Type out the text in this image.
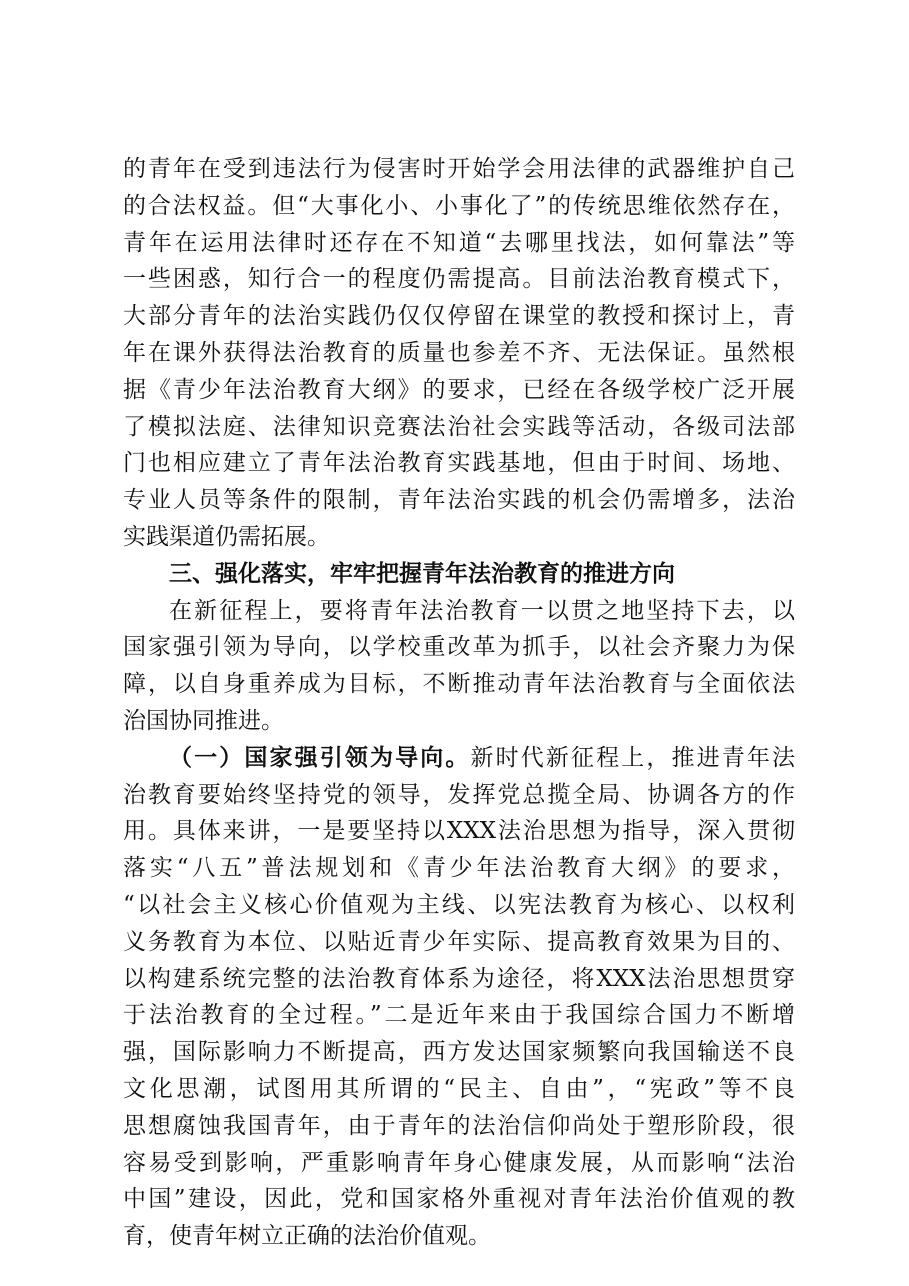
的青年在受到违法行为侵害时开始学会用法律的武器维护自己
的合法权益。但“大事化小、小事化了”的传统思维依然存在，
青年在运用法律时还存在不知道“去哪里找法，如何靠法”等
一些困惑，知行合一的程度仍需提高。目前法治教育模式下，
大部分青年的法治实践仍仅仅停留在课堂的教授和探讨上，青
年在课外获得法治教育的质量也参差不齐、无法保证。虽然根
据《青少年法治教育大纲》的要求，已经在各级学校广泛开展
了模拟法庭、法律知识竞赛法治社会实践等活动，各级司法部
门也相应建立了青年法治教育实践基地，但由于时间、场地、
专业人员等条件的限制，青年法治实践的机会仍需增多，法治
实践渠道仍需拓展。
三、强化落实，牢牢把握青年法治教育的推进方向
在新征程上，要将青年法治教育一以贯之地坚持下去，以
国家强引领为导向，以学校重改革为抓手，以社会齐聚力为保
障，以自身重养成为目标，不断推动青年法治教育与全面依法
治国协同推进。
（一）国家强引领为导向。新时代新征程上，推进青年法
治教育要始终坚持党的领导，发挥党总揽全局、协调各方的作
用。具体来讲，一是要坚持以XXX法治思想为指导，深入贯彻
落实“八五”普法规划和《青少年法治教育大纲》的要求，
“以社会主义核心价值观为主线、以宪法教育为核心、以权利
义务教育为本位、以贴近青少年实际、提高教育效果为目的、
以构建系统完整的法治教育体系为途径，将XXX法治思想贯穿
于法治教育的全过程。”二是近年来由于我国综合国力不断增
强，国际影响力不断提高，西方发达国家频繁向我国输送不良
文化思潮，试图用其所谓的“民主、自由”，“宪政”等不良
思想腐蚀我国青年，由于青年的法治信仰尚处于塑形阶段，很
容易受到影响，严重影响青年身心健康发展，从而影响“法治
中国”建设，因此，党和国家格外重视对青年法治价值观的教
育，使青年树立正确的法治价值观。
